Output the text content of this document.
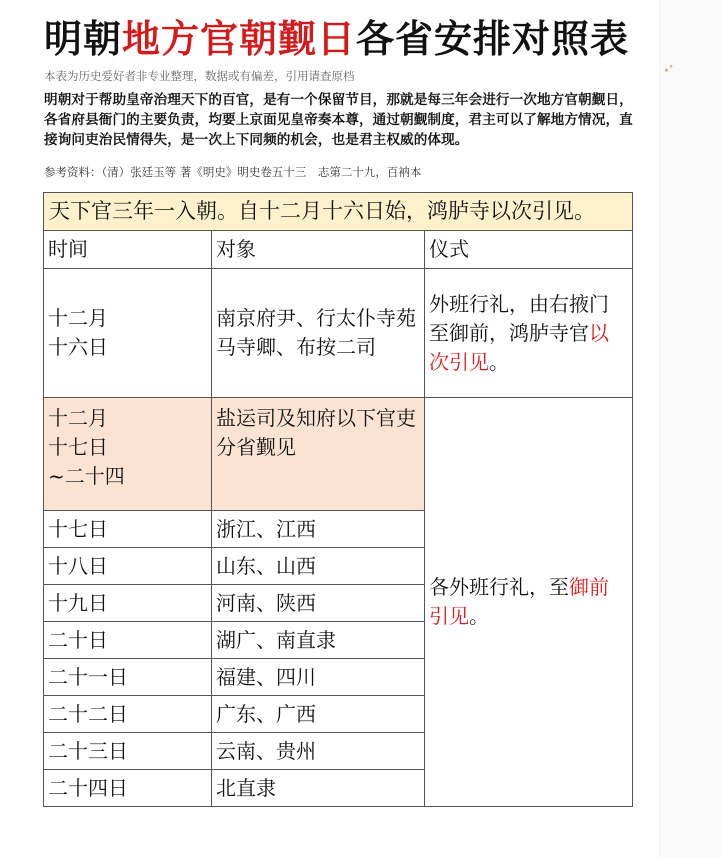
٭˚
明朝地方官朝觐日各省安排对照表
本表为历史爱好者非专业整理，数据或有偏差，引用请查原档

明朝对于帮助皇帝治理天下的百官，是有一个保留节目，那就是每三年会进行一次地方官朝觐日，各省府县衙门的主要负责，均要上京面见皇帝奏本尊，通过朝觐制度，君主可以了解地方情况，直接询问吏治民情得失，是一次上下同频的机会，也是君主权威的体现。

参考资料：（清）张廷玉等 著《明史》明史卷五十三　志第二十九，百衲本
天下官三年一入朝。自十二月十六日始，鸿胪寺以次引见。		
时间	对象	仪式

十二月
十六日	南京府尹、行太仆寺苑马寺卿、布按二司	外班行礼，由右掖门至御前，鸿胪寺官以次引见。

十二月
十七日
~二十四	盐运司及知府以下官吏分省觐见	各外班行礼，至御前引见。
十七日	浙江、江西	
十八日	山东、山西	
十九日	河南、陕西	
二十日	湖广、南直隶	
二十一日	福建、四川	
二十二日	广东、广西	
二十三日	云南、贵州	
二十四日	北直隶	
